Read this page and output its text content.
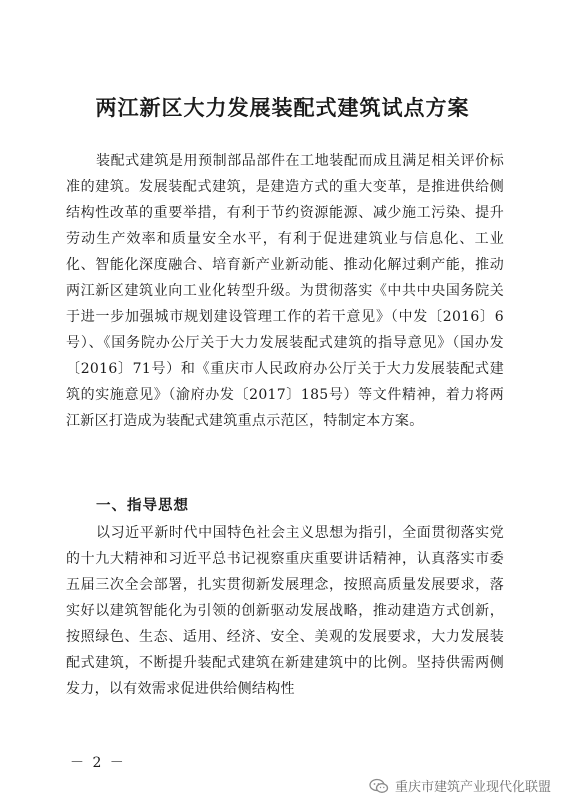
两江新区大力发展装配式建筑试点方案
装配式建筑是用预制部品部件在工地装配而成且满足相关评价标准的建筑。发展装配式建筑，是建造方式的重大变革，是推进供给侧结构性改革的重要举措，有利于节约资源能源、减少施工污染、提升劳动生产效率和质量安全水平，有利于促进建筑业与信息化、工业化、智能化深度融合、培育新产业新动能、推动化解过剩产能，推动两江新区建筑业向工业化转型升级。为贯彻落实《中共中央国务院关于进一步加强城市规划建设管理工作的若干意见》（中发〔2016〕6号）、《国务院办公厅关于大力发展装配式建筑的指导意见》（国办发〔2016〕71号）和《重庆市人民政府办公厅关于大力发展装配式建筑的实施意见》（渝府办发〔2017〕185号）等文件精神，着力将两江新区打造成为装配式建筑重点示范区，特制定本方案。
一、指导思想
以习近平新时代中国特色社会主义思想为指引，全面贯彻落实党的十九大精神和习近平总书记视察重庆重要讲话精神，认真落实市委五届三次全会部署，扎实贯彻新发展理念，按照高质量发展要求，落实好以建筑智能化为引领的创新驱动发展战略，推动建造方式创新，按照绿色、生态、适用、经济、安全、美观的发展要求，大力发展装配式建筑，不断提升装配式建筑在新建建筑中的比例。坚持供需两侧发力，以有效需求促进供给侧结构性
－ 2 －
重庆市建筑产业现代化联盟
